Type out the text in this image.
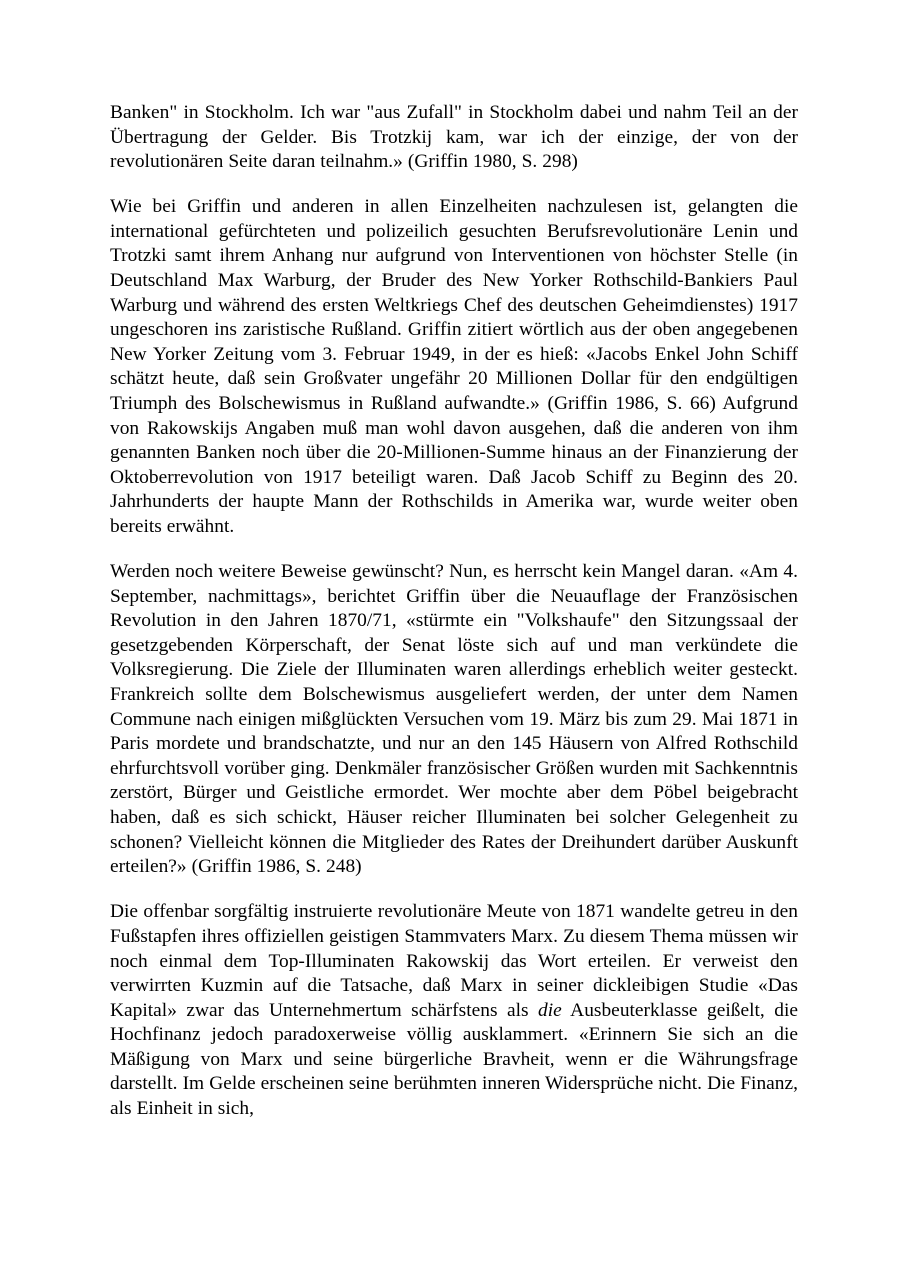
Banken" in Stockholm. Ich war "aus Zufall" in Stockholm dabei und nahm Teil an der Übertragung der Gelder. Bis Trotzkij kam, war ich der einzige, der von der revolutionären Seite daran teilnahm.» (Griffin 1980, S. 298)

Wie bei Griffin und anderen in allen Einzelheiten nachzulesen ist, gelangten die international gefürchteten und polizeilich gesuchten Berufsrevolutionäre Lenin und Trotzki samt ihrem Anhang nur aufgrund von Interventionen von höchster Stelle (in Deutschland Max Warburg, der Bruder des New Yorker Rothschild-Bankiers Paul Warburg und während des ersten Weltkriegs Chef des deutschen Geheimdienstes) 1917 ungeschoren ins zaristische Rußland. Griffin zitiert wörtlich aus der oben angegebenen New Yorker Zeitung vom 3. Februar 1949, in der es hieß: «Jacobs Enkel John Schiff schätzt heute, daß sein Großvater ungefähr 20 Millionen Dollar für den endgültigen Triumph des Bolschewismus in Rußland aufwandte.» (Griffin 1986, S. 66) Aufgrund von Rakowskijs Angaben muß man wohl davon ausgehen, daß die anderen von ihm genannten Banken noch über die 20-Millionen-Summe hinaus an der Finanzierung der Oktoberrevolution von 1917 beteiligt waren. Daß Jacob Schiff zu Beginn des 20. Jahrhunderts der haupte Mann der Rothschilds in Amerika war, wurde weiter oben bereits erwähnt.

Werden noch weitere Beweise gewünscht? Nun, es herrscht kein Mangel daran. «Am 4. September, nachmittags», berichtet Griffin über die Neuauflage der Französischen Revolution in den Jahren 1870/71, «stürmte ein "Volkshaufe" den Sitzungssaal der gesetzgebenden Körperschaft, der Senat löste sich auf und man verkündete die Volksregierung. Die Ziele der Illuminaten waren allerdings erheblich weiter gesteckt. Frankreich sollte dem Bolschewismus ausgeliefert werden, der unter dem Namen Commune nach einigen mißglückten Versuchen vom 19. März bis zum 29. Mai 1871 in Paris mordete und brandschatzte, und nur an den 145 Häusern von Alfred Rothschild ehrfurchtsvoll vorüber ging. Denkmäler französischer Größen wurden mit Sachkenntnis zerstört, Bürger und Geistliche ermordet. Wer mochte aber dem Pöbel beigebracht haben, daß es sich schickt, Häuser reicher Illuminaten bei solcher Gelegenheit zu schonen? Vielleicht können die Mitglieder des Rates der Dreihundert darüber Auskunft erteilen?» (Griffin 1986, S. 248)

Die offenbar sorgfältig instruierte revolutionäre Meute von 1871 wandelte getreu in den Fußstapfen ihres offiziellen geistigen Stammvaters Marx. Zu diesem Thema müssen wir noch einmal dem Top-Illuminaten Rakowskij das Wort erteilen. Er verweist den verwirrten Kuzmin auf die Tatsache, daß Marx in seiner dickleibigen Studie «Das Kapital» zwar das Unternehmertum schärfstens als die Ausbeuterklasse geißelt, die Hochfinanz jedoch paradoxerweise völlig ausklammert. «Erinnern Sie sich an die Mäßigung von Marx und seine bürgerliche Bravheit, wenn er die Währungsfrage darstellt. Im Gelde erscheinen seine berühmten inneren Widersprüche nicht. Die Finanz, als Einheit in sich,
